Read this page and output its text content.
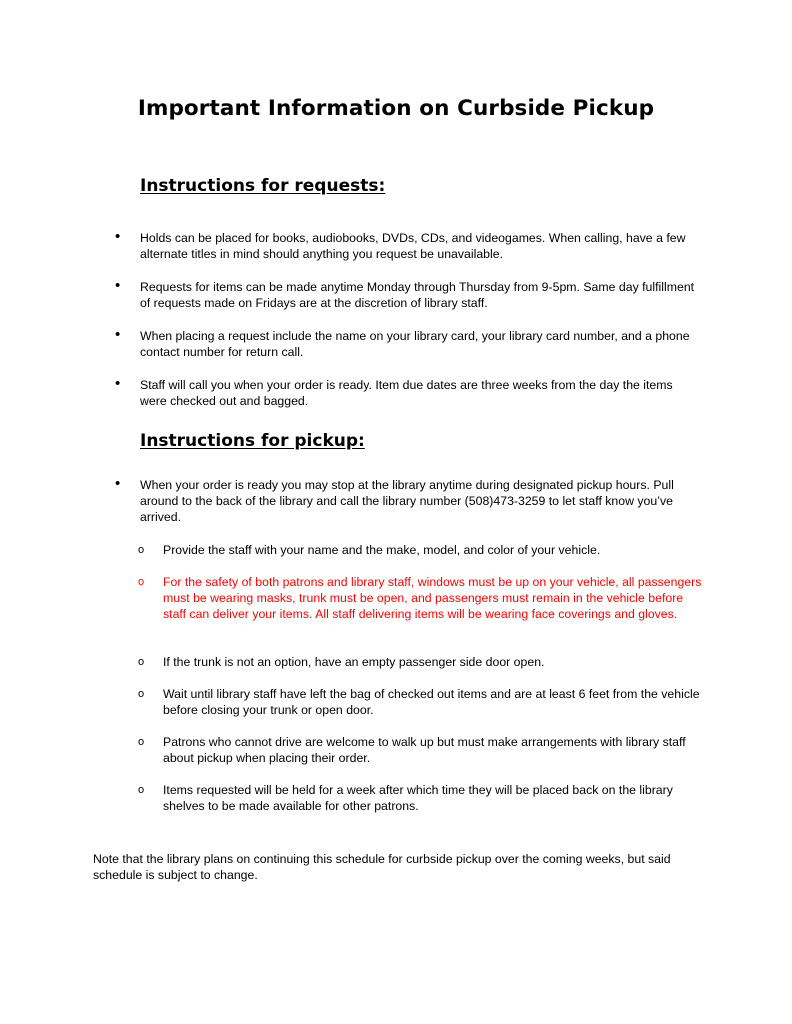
Important Information on Curbside Pickup
Instructions for requests:
• Holds can be placed for books, audiobooks, DVDs, CDs, and videogames. When calling, have a few alternate titles in mind should anything you request be unavailable.
• Requests for items can be made anytime Monday through Thursday from 9-5pm. Same day fulfillment of requests made on Fridays are at the discretion of library staff.
• When placing a request include the name on your library card, your library card number, and a phone contact number for return call.
• Staff will call you when your order is ready. Item due dates are three weeks from the day the items were checked out and bagged.
Instructions for pickup:
• When your order is ready you may stop at the library anytime during designated pickup hours. Pull around to the back of the library and call the library number (508)473-3259 to let staff know you’ve arrived.
o Provide the staff with your name and the make, model, and color of your vehicle.
o For the safety of both patrons and library staff, windows must be up on your vehicle, all passengers must be wearing masks, trunk must be open, and passengers must remain in the vehicle before staff can deliver your items. All staff delivering items will be wearing face coverings and gloves.
o If the trunk is not an option, have an empty passenger side door open.
o Wait until library staff have left the bag of checked out items and are at least 6 feet from the vehicle before closing your trunk or open door.
o Patrons who cannot drive are welcome to walk up but must make arrangements with library staff about pickup when placing their order.
o Items requested will be held for a week after which time they will be placed back on the library shelves to be made available for other patrons.

Note that the library plans on continuing this schedule for curbside pickup over the coming weeks, but said schedule is subject to change.
